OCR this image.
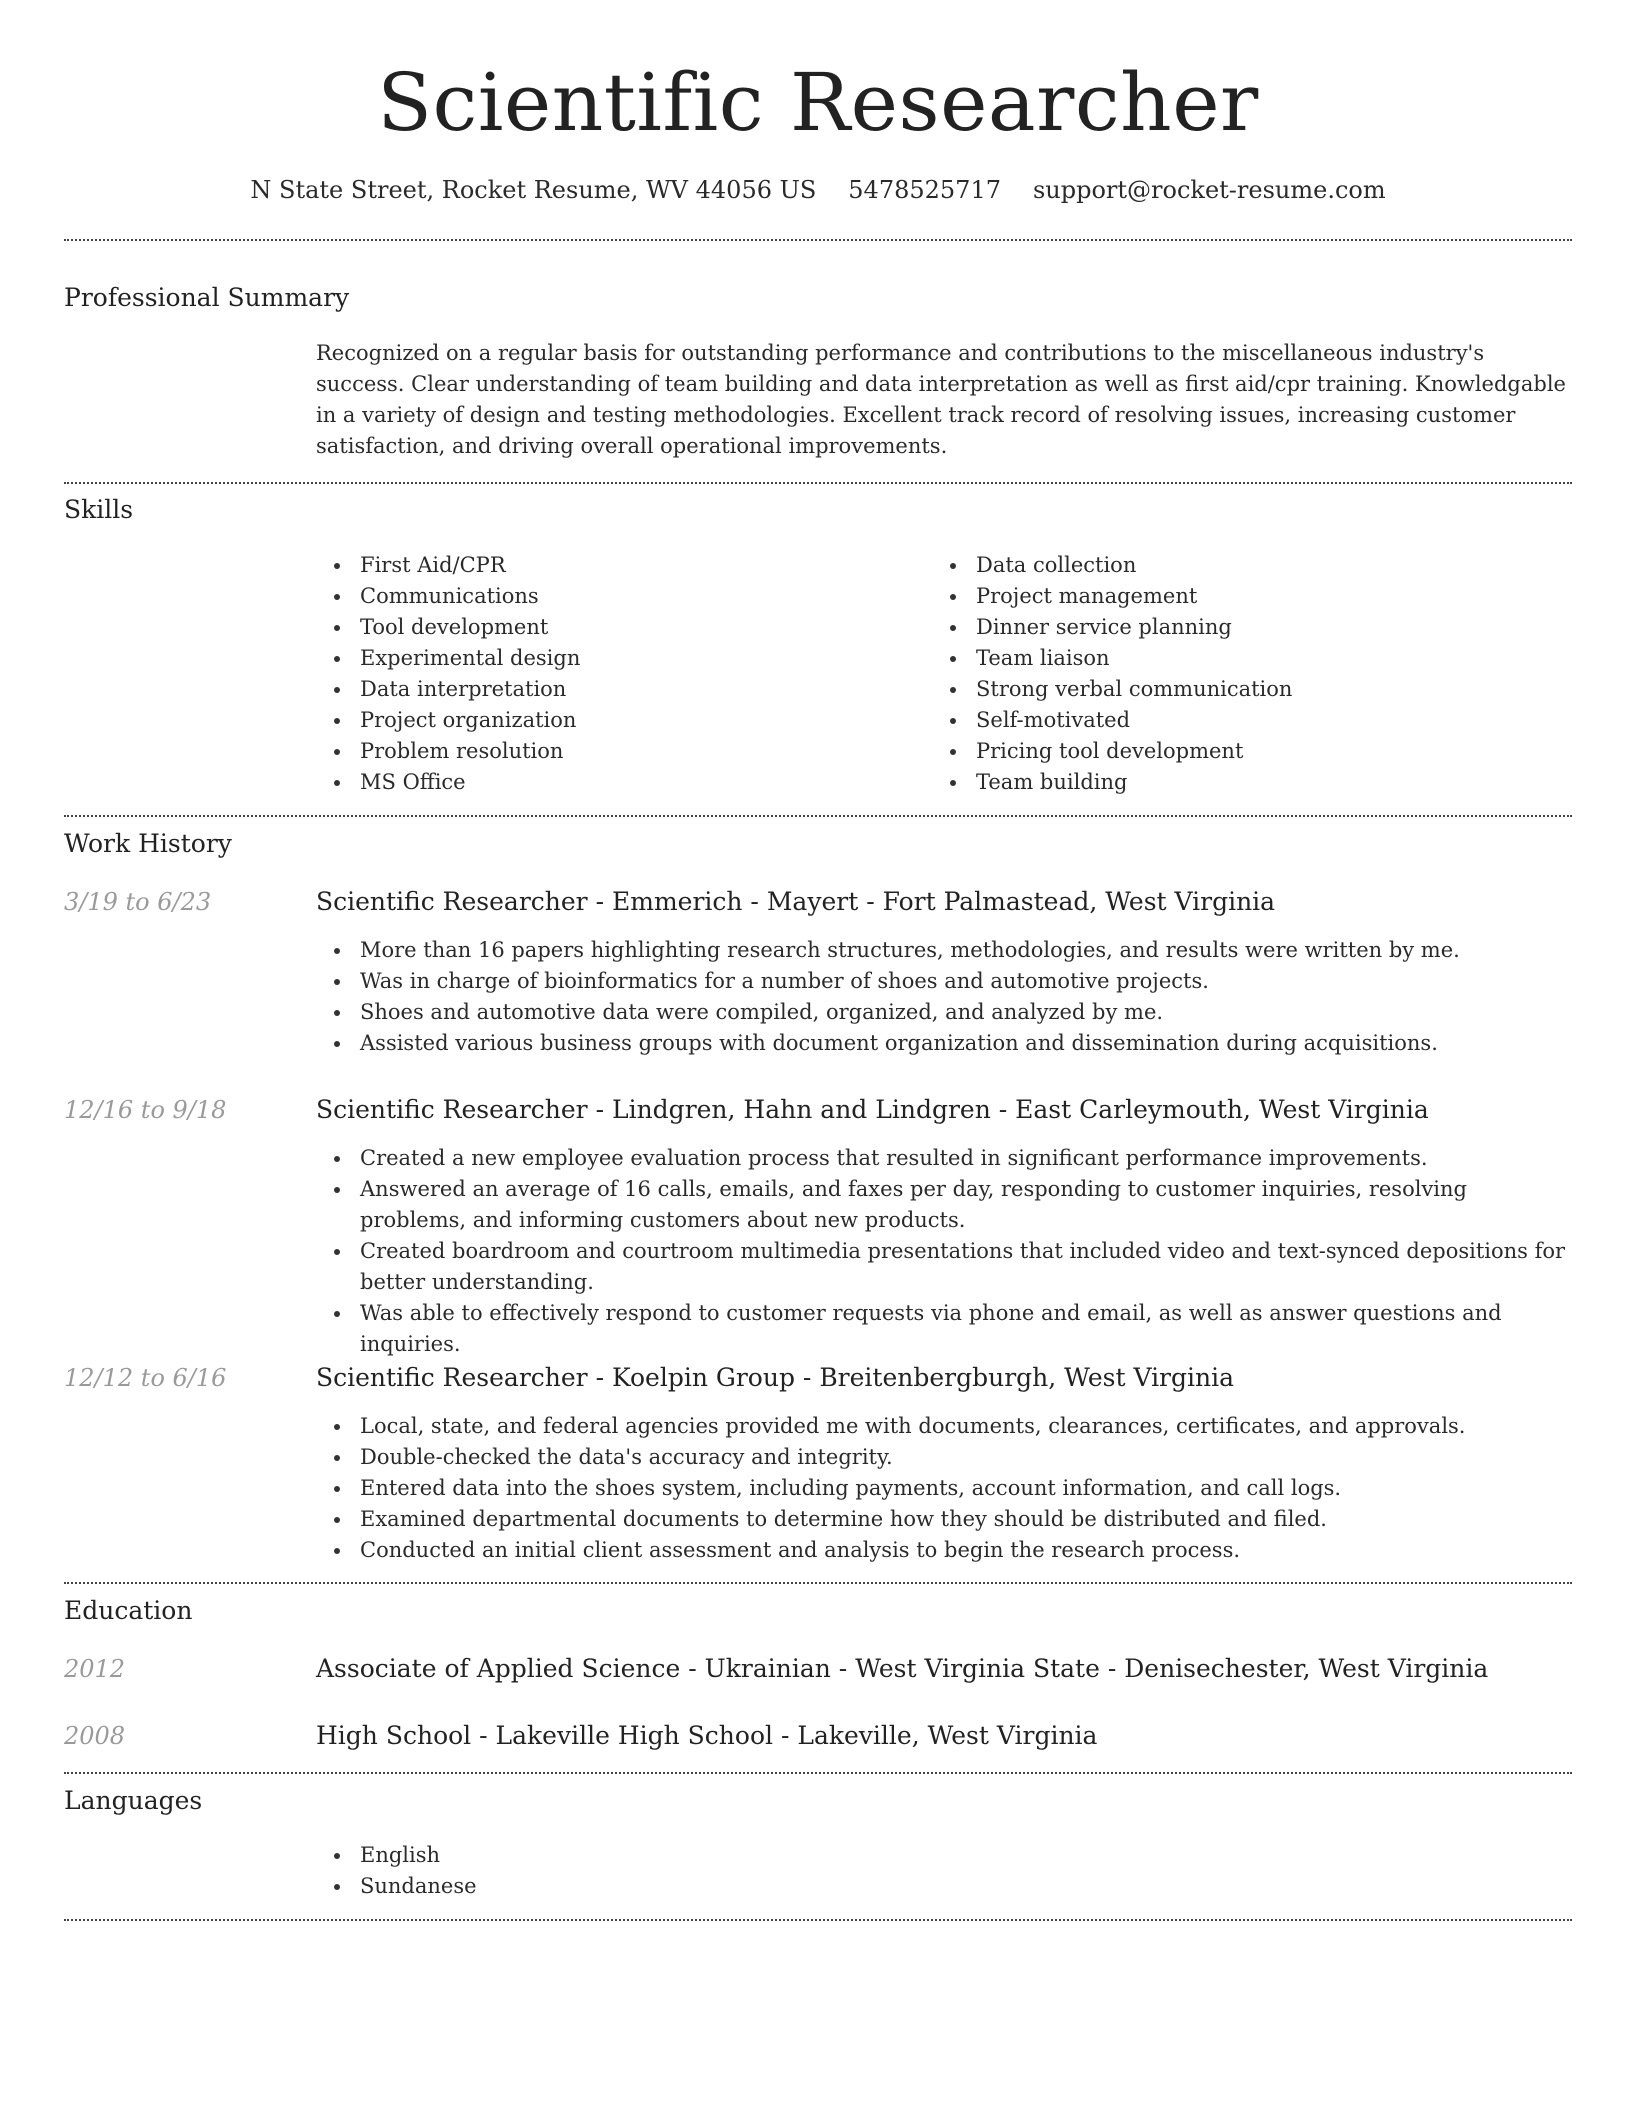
Scientific Researcher
N State Street, Rocket Resume, WV 44056 US 5478525717 support@rocket-resume.com
Professional Summary

Recognized on a regular basis for outstanding performance and contributions to the miscellaneous industry's success. Clear understanding of team building and data interpretation as well as first aid/cpr training. Knowledgable in a variety of design and testing methodologies. Excellent track record of resolving issues, increasing customer satisfaction, and driving overall operational improvements.

Skills
First Aid/CPR
Communications
Tool development
Experimental design
Data interpretation
Project organization
Problem resolution
MS Office
Data collection
Project management
Dinner service planning
Team liaison
Strong verbal communication
Self-motivated
Pricing tool development
Team building
Work History
3/19 to 6/23	Scientific Researcher - Emmerich - Mayert - Fort Palmastead, West Virginia
More than 16 papers highlighting research structures, methodologies, and results were written by me.
Was in charge of bioinformatics for a number of shoes and automotive projects.
Shoes and automotive data were compiled, organized, and analyzed by me.
Assisted various business groups with document organization and dissemination during acquisitions.
12/16 to 9/18	Scientific Researcher - Lindgren, Hahn and Lindgren - East Carleymouth, West Virginia
Created a new employee evaluation process that resulted in significant performance improvements.
Answered an average of 16 calls, emails, and faxes per day, responding to customer inquiries, resolving problems, and informing customers about new products.
Created boardroom and courtroom multimedia presentations that included video and text-synced depositions for better understanding.
Was able to effectively respond to customer requests via phone and email, as well as answer questions and inquiries.
12/12 to 6/16	Scientific Researcher - Koelpin Group - Breitenbergburgh, West Virginia
Local, state, and federal agencies provided me with documents, clearances, certificates, and approvals.
Double-checked the data's accuracy and integrity.
Entered data into the shoes system, including payments, account information, and call logs.
Examined departmental documents to determine how they should be distributed and filed.
Conducted an initial client assessment and analysis to begin the research process.
Education
2012	Associate of Applied Science - Ukrainian - West Virginia State - Denisechester, West Virginia
2008	High School - Lakeville High School - Lakeville, West Virginia
Languages
English
Sundanese
